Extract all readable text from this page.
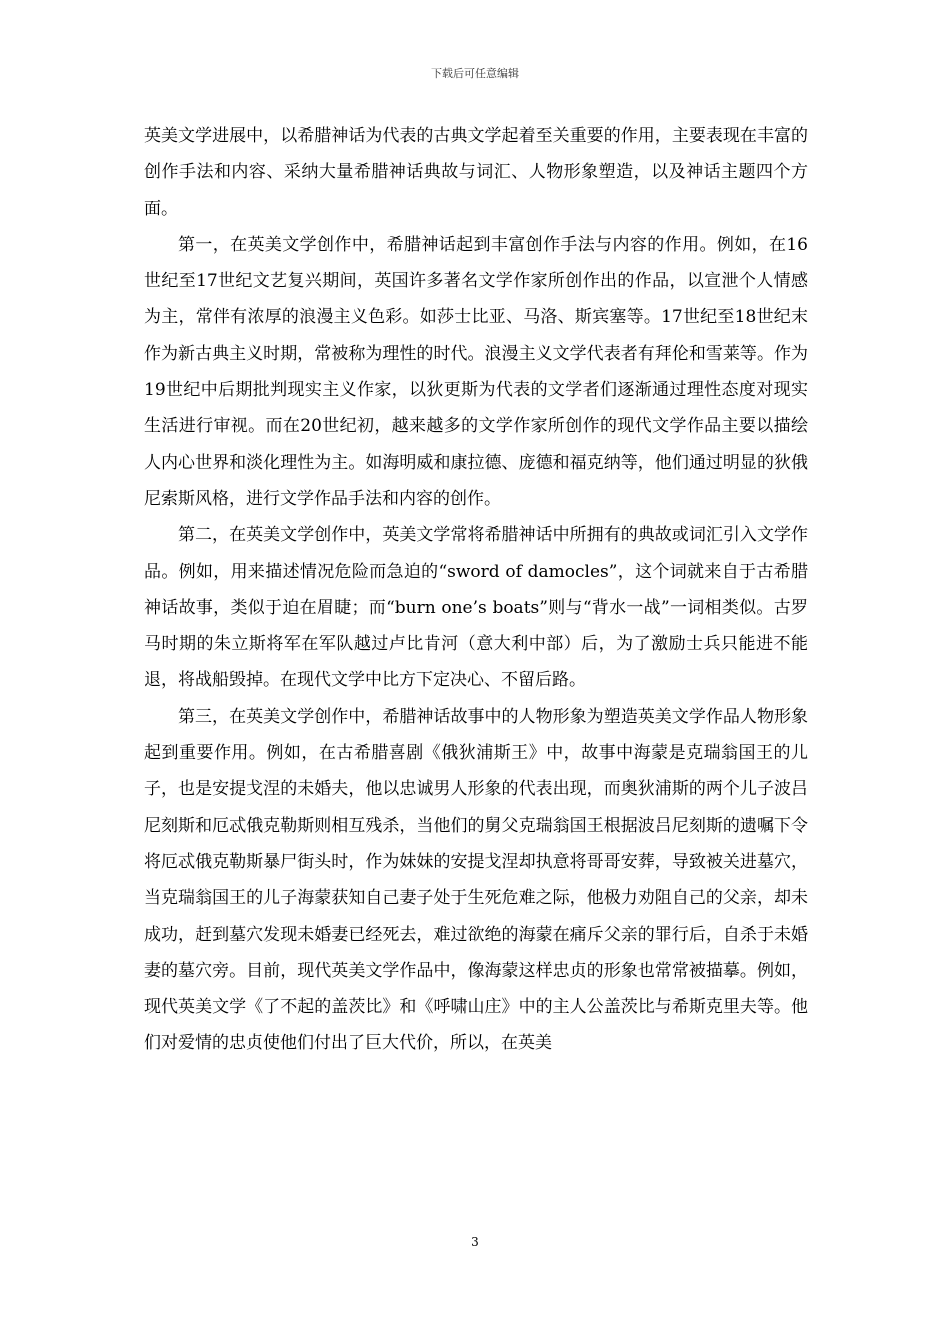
下载后可任意编辑

英美文学进展中，以希腊神话为代表的古典文学起着至关重要的作用，主要表现在丰富的创作手法和内容、采纳大量希腊神话典故与词汇、人物形象塑造，以及神话主题四个方面。

第一，在英美文学创作中，希腊神话起到丰富创作手法与内容的作用。例如，在16世纪至17世纪文艺复兴期间，英国许多著名文学作家所创作出的作品，以宣泄个人情感为主，常伴有浓厚的浪漫主义色彩。如莎士比亚、马洛、斯宾塞等。17世纪至18世纪末作为新古典主义时期，常被称为理性的时代。浪漫主义文学代表者有拜伦和雪莱等。作为19世纪中后期批判现实主义作家，以狄更斯为代表的文学者们逐渐通过理性态度对现实生活进行审视。而在20世纪初，越来越多的文学作家所创作的现代文学作品主要以描绘人内心世界和淡化理性为主。如海明威和康拉德、庞德和福克纳等，他们通过明显的狄俄尼索斯风格，进行文学作品手法和内容的创作。

第二，在英美文学创作中，英美文学常将希腊神话中所拥有的典故或词汇引入文学作品。例如，用来描述情况危险而急迫的“sword of damocles”，这个词就来自于古希腊神话故事，类似于迫在眉睫；而“burn one’s boats”则与“背水一战”一词相类似。古罗马时期的朱立斯将军在军队越过卢比肯河（意大利中部）后，为了激励士兵只能进不能退，将战船毁掉。在现代文学中比方下定决心、不留后路。

第三，在英美文学创作中，希腊神话故事中的人物形象为塑造英美文学作品人物形象起到重要作用。例如，在古希腊喜剧《俄狄浦斯王》中，故事中海蒙是克瑞翁国王的儿子，也是安提戈涅的未婚夫，他以忠诚男人形象的代表出现，而奥狄浦斯的两个儿子波吕尼刻斯和厄忒俄克勒斯则相互残杀，当他们的舅父克瑞翁国王根据波吕尼刻斯的遗嘱下令将厄忒俄克勒斯暴尸街头时，作为妹妹的安提戈涅却执意将哥哥安葬，导致被关进墓穴，当克瑞翁国王的儿子海蒙获知自己妻子处于生死危难之际，他极力劝阻自己的父亲，却未成功，赶到墓穴发现未婚妻已经死去，难过欲绝的海蒙在痛斥父亲的罪行后，自杀于未婚妻的墓穴旁。目前，现代英美文学作品中，像海蒙这样忠贞的形象也常常被描摹。例如，现代英美文学《了不起的盖茨比》和《呼啸山庄》中的主人公盖茨比与希斯克里夫等。他们对爱情的忠贞使他们付出了巨大代价，所以，在英美

3
